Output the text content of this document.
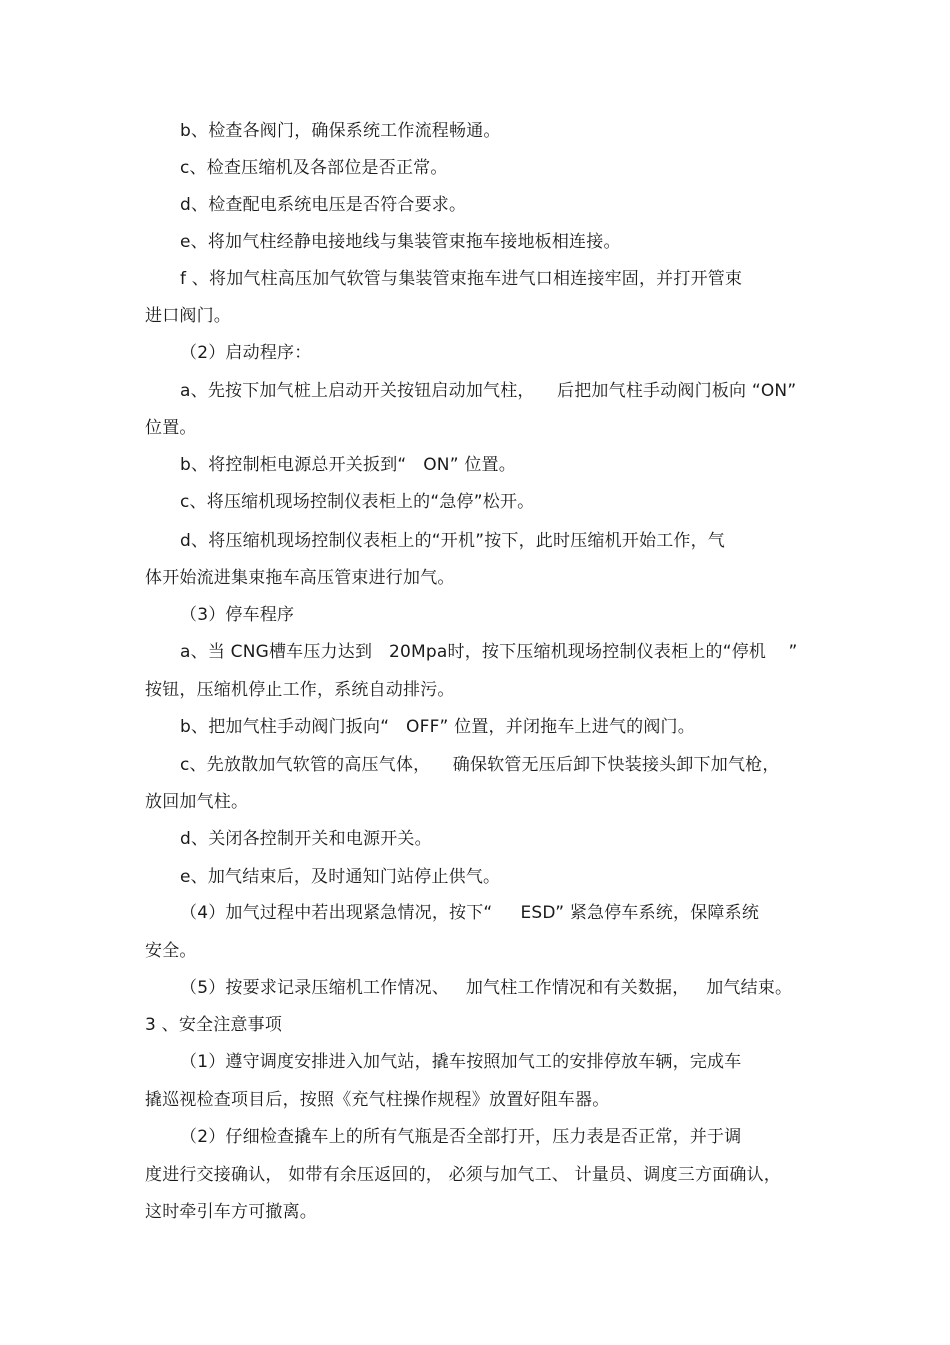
b、检查各阀门，确保系统工作流程畅通。
c、检查压缩机及各部位是否正常。
d、检查配电系统电压是否符合要求。
e、将加气柱经静电接地线与集装管束拖车接地板相连接。
f 、将加气柱高压加气软管与集装管束拖车进气口相连接牢固，并打开管束
进口阀门。
（2）启动程序：
a、先按下加气桩上启动开关按钮启动加气柱，    后把加气柱手动阀门板向 “ON”
位置。
b、将控制柜电源总开关扳到“   ON” 位置。
c、将压缩机现场控制仪表柜上的“急停”松开。
d、将压缩机现场控制仪表柜上的“开机”按下，此时压缩机开始工作，气
体开始流进集束拖车高压管束进行加气。
（3）停车程序
a、当 CNG槽车压力达到   20Mpa时，按下压缩机现场控制仪表柜上的“停机    ”
按钮，压缩机停止工作，系统自动排污。
b、把加气柱手动阀门扳向“   OFF” 位置，并闭拖车上进气的阀门。
c、先放散加气软管的高压气体，    确保软管无压后卸下快装接头卸下加气枪，
放回加气柱。
d、关闭各控制开关和电源开关。
e、加气结束后，及时通知门站停止供气。
（4）加气过程中若出现紧急情况，按下“     ESD” 紧急停车系统，保障系统
安全。
（5）按要求记录压缩机工作情况、   加气柱工作情况和有关数据，   加气结束。
3 、安全注意事项
（1）遵守调度安排进入加气站，撬车按照加气工的安排停放车辆，完成车
撬巡视检查项目后，按照《充气柱操作规程》放置好阻车器。
（2）仔细检查撬车上的所有气瓶是否全部打开，压力表是否正常，并于调
度进行交接确认， 如带有余压返回的， 必须与加气工、 计量员、调度三方面确认，
这时牵引车方可撤离。
